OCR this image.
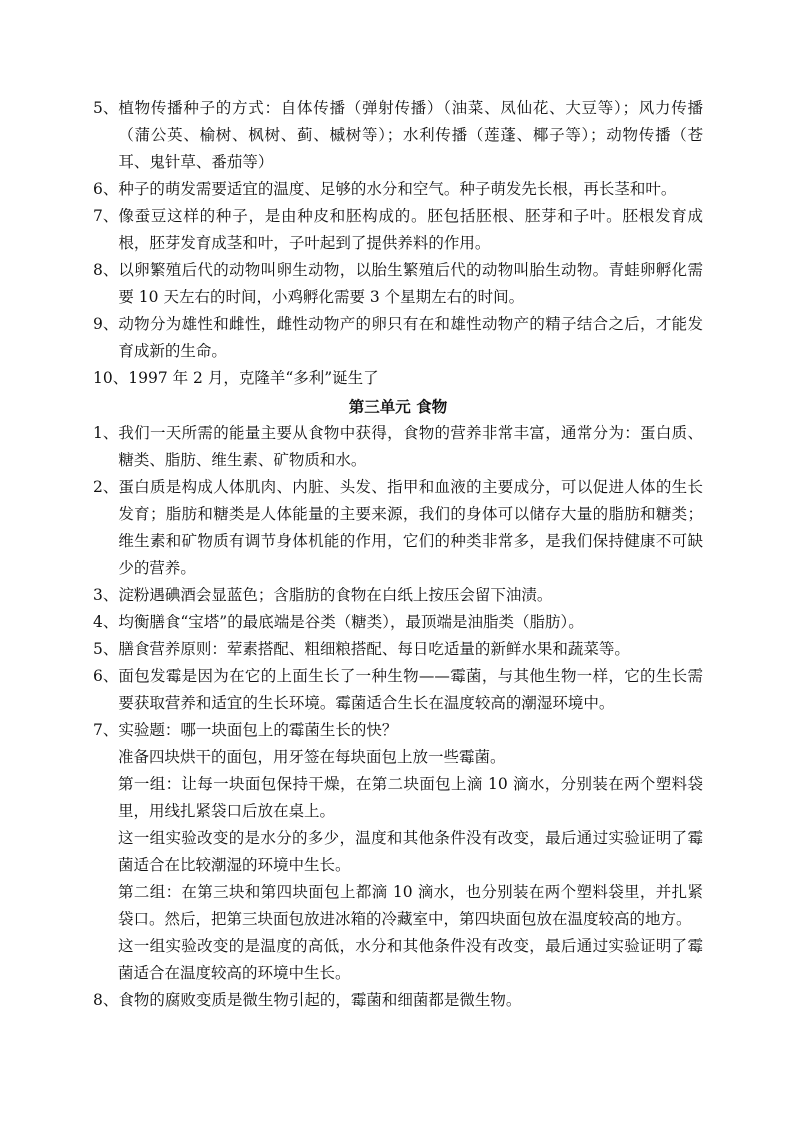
5、 植物传播种子的方式：自体传播（弹射传播）（油菜、凤仙花、大豆等）；风力传播（蒲公英、榆树、枫树、蓟、槭树等）；水利传播（莲蓬、椰子等）；动物传播（苍耳、鬼针草、番茄等）
6、 种子的萌发需要适宜的温度、足够的水分和空气。种子萌发先长根，再长茎和叶。
7、 像蚕豆这样的种子，是由种皮和胚构成的。胚包括胚根、胚芽和子叶。胚根发育成根，胚芽发育成茎和叶，子叶起到了提供养料的作用。
8、 以卵繁殖后代的动物叫卵生动物，以胎生繁殖后代的动物叫胎生动物。青蛙卵孵化需要 10 天左右的时间，小鸡孵化需要 3 个星期左右的时间。
9、 动物分为雄性和雌性，雌性动物产的卵只有在和雄性动物产的精子结合之后，才能发育成新的生命。
10、 1997 年 2 月，克隆羊“多利”诞生了
第三单元 食物
1、 我们一天所需的能量主要从食物中获得，食物的营养非常丰富，通常分为：蛋白质、糖类、脂肪、维生素、矿物质和水。
2、 蛋白质是构成人体肌肉、内脏、头发、指甲和血液的主要成分，可以促进人体的生长发育；脂肪和糖类是人体能量的主要来源，我们的身体可以储存大量的脂肪和糖类；维生素和矿物质有调节身体机能的作用，它们的种类非常多，是我们保持健康不可缺少的营养。
3、 淀粉遇碘酒会显蓝色；含脂肪的食物在白纸上按压会留下油渍。
4、 均衡膳食“宝塔”的最底端是谷类（糖类），最顶端是油脂类（脂肪）。
5、 膳食营养原则：荤素搭配、粗细粮搭配、每日吃适量的新鲜水果和蔬菜等。
6、 面包发霉是因为在它的上面生长了一种生物——霉菌，与其他生物一样，它的生长需要获取营养和适宜的生长环境。霉菌适合生长在温度较高的潮湿环境中。
7、 实验题：哪一块面包上的霉菌生长的快？
准备四块烘干的面包，用牙签在每块面包上放一些霉菌。
第一组：让每一块面包保持干燥，在第二块面包上滴 10 滴水，分别装在两个塑料袋里，用线扎紧袋口后放在桌上。
这一组实验改变的是水分的多少，温度和其他条件没有改变，最后通过实验证明了霉菌适合在比较潮湿的环境中生长。
第二组：在第三块和第四块面包上都滴 10 滴水，也分别装在两个塑料袋里，并扎紧袋口。然后，把第三块面包放进冰箱的冷藏室中，第四块面包放在温度较高的地方。
这一组实验改变的是温度的高低，水分和其他条件没有改变，最后通过实验证明了霉菌适合在温度较高的环境中生长。
8、 食物的腐败变质是微生物引起的，霉菌和细菌都是微生物。
